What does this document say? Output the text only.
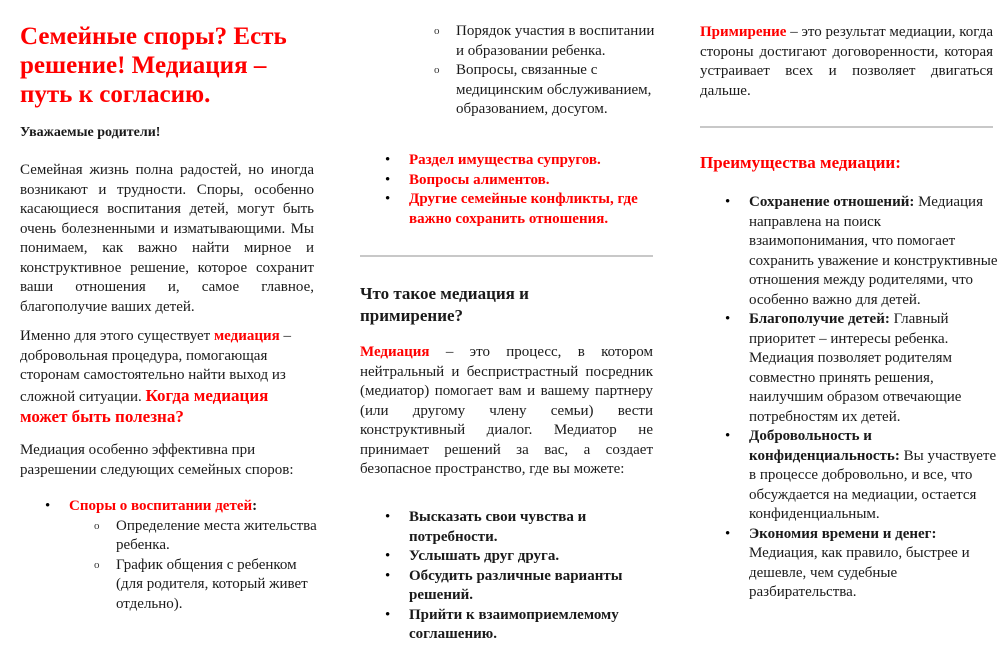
Семейные споры? Есть решение! Медиация – путь к согласию.

Уважаемые родители!

Семейная жизнь полна радостей, но иногда возникают и трудности. Споры, особенно касающиеся воспитания детей, могут быть очень болезненными и изматывающими. Мы понимаем, как важно найти мирное и конструктивное решение, которое сохранит ваши отношения и, самое главное, благополучие ваших детей.

Именно для этого существует медиация – добровольная процедура, помогающая сторонам самостоятельно найти выход из сложной ситуации. Когда медиация может быть полезна?

Медиация особенно эффективна при разрешении следующих семейных споров:

• Споры о воспитании детей:
o Определение места жительства ребенка.
o График общения с ребенком (для родителя, который живет отдельно).
o Порядок участия в воспитании и образовании ребенка.
o Вопросы, связанные с медицинским обслуживанием, образованием, досугом.
• Раздел имущества супругов.
• Вопросы алиментов.
• Другие семейные конфликты, где важно сохранить отношения.
Что такое медиация и примирение?

Медиация – это процесс, в котором нейтральный и беспристрастный посредник (медиатор) помогает вам и вашему партнеру (или другому члену семьи) вести конструктивный диалог. Медиатор не принимает решений за вас, а создает безопасное пространство, где вы можете:

• Высказать свои чувства и потребности.
• Услышать друг друга.
• Обсудить различные варианты решений.
• Прийти к взаимоприемлемому соглашению.

Примирение – это результат медиации, когда стороны достигают договоренности, которая устраивает всех и позволяет двигаться дальше.

Преимущества медиации:
• Сохранение отношений: Медиация направлена на поиск взаимопонимания, что помогает сохранить уважение и конструктивные отношения между родителями, что особенно важно для детей.
• Благополучие детей: Главный приоритет – интересы ребенка. Медиация позволяет родителям совместно принять решения, наилучшим образом отвечающие потребностям их детей.
• Добровольность и конфиденциальность: Вы участвуете в процессе добровольно, и все, что обсуждается на медиации, остается конфиденциальным.
• Экономия времени и денег: Медиация, как правило, быстрее и дешевле, чем судебные разбирательства.
